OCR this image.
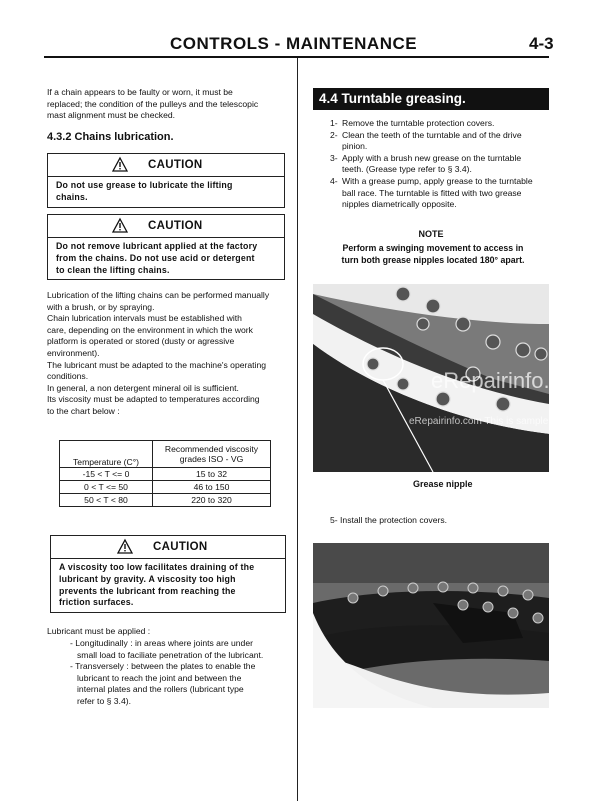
CONTROLS - MAINTENANCE	4-3
If a chain appears to be faulty or worn, it must be
replaced; the condition of the pulleys and the telescopic
mast alignment must be checked.
4.3.2 Chains lubrication.
CAUTION
Do not use grease to lubricate the lifting
chains.
CAUTION
Do not remove lubricant applied at the factory
from the chains. Do not use acid or detergent
to clean the lifting chains.
Lubrication of the lifting chains can be performed manually
with a brush, or by spraying.
Chain lubrication intervals must be established with
care, depending on the environment in which the work
platform is operated or stored (dusty or agressive
environment).
The lubricant must be adapted to the machine's operating
conditions.
In general, a non detergent mineral oil is sufficient.
Its viscosity must be adapted to temperatures according
to the chart below :
Temperature (C°)	Recommended viscosity
grades ISO - VG

-15 < T <= 0	15 to 32
0 < T <= 50	46 to 150
50 < T < 80	220 to 320
CAUTION
A viscosity too low facilitates draining of the
lubricant by gravity. A viscosity too high
prevents the lubricant from reaching the
friction surfaces.
Lubricant must be applied :
- Longitudinally : in areas where joints are under
small load to faciliate penetration of the lubricant.
- Transversely : between the plates to enable the
lubricant to reach the joint and between the
internal plates and the rollers (lubricant type
refer to § 3.4).
4.4 Turntable greasing.
1- Remove the turntable protection covers.
2- Clean the teeth of the turntable and of the drive
pinion.
3- Apply with a brush new grease on the turntable
teeth. (Grease type refer to § 3.4).
4- With a grease pump, apply grease to the turntable
ball race. The turntable is fitted with two grease
nipples diametrically opposite.
NOTE
Perform a swinging movement to access in
turn both grease nipples located 180° apart.
eRepairinfo.com
eRepairinfo.com This is sample
Grease nipple
5- Install the protection covers.
